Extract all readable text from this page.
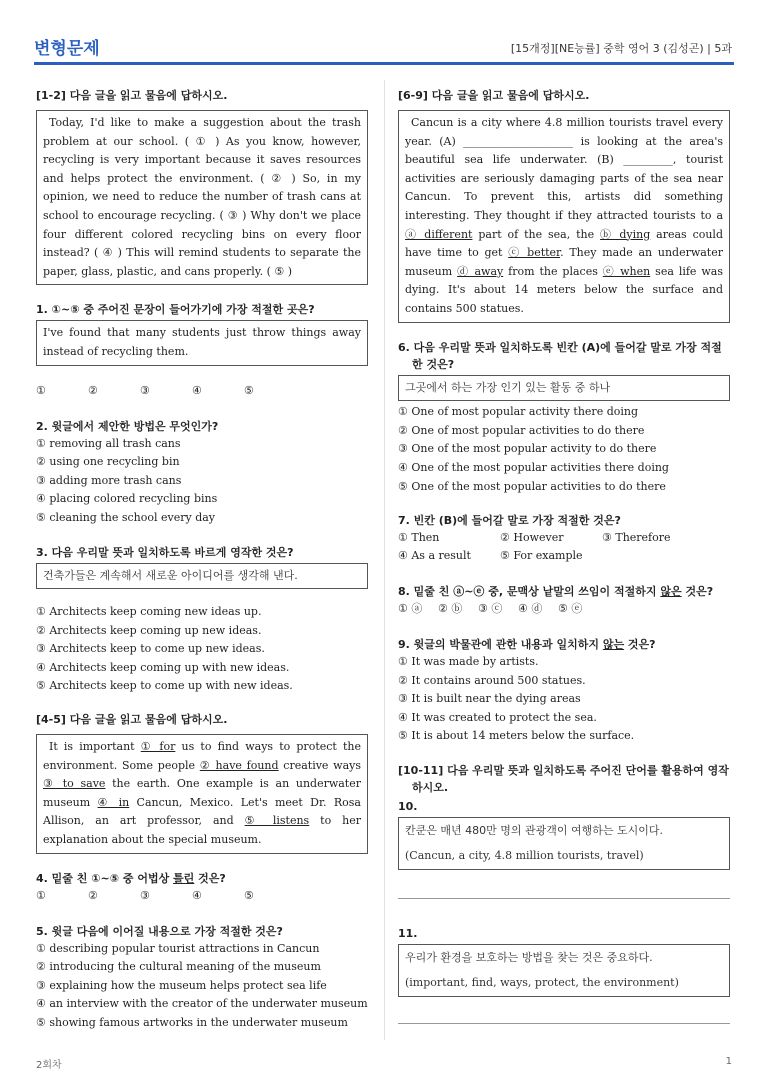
변형문제	[15개정][NE능률] 중학 영어 3 (김성곤) | 5과
[1-2] 다음 글을 읽고 물음에 답하시오.
Today, I'd like to make a suggestion about the trash problem at our school. ( ① ) As you know, however, recycling is very important because it saves resources and helps protect the environment. ( ② ) So, in my opinion, we need to reduce the number of trash cans at school to encourage recycling. ( ③ ) Why don't we place four different colored recycling bins on every floor instead? ( ④ ) This will remind students to separate the paper, glass, plastic, and cans properly. ( ⑤ )
1. ①~⑤ 중 주어진 문장이 들어가기에 가장 적절한 곳은?
I've found that many students just throw things away instead of recycling them.
①	②	③	④	⑤
2. 윗글에서 제안한 방법은 무엇인가?
① removing all trash cans
② using one recycling bin
③ adding more trash cans
④ placing colored recycling bins
⑤ cleaning the school every day
3. 다음 우리말 뜻과 일치하도록 바르게 영작한 것은?
건축가들은 계속해서 새로운 아이디어를 생각해 낸다.
① Architects keep coming new ideas up.
② Architects keep coming up new ideas.
③ Architects keep to come up new ideas.
④ Architects keep coming up with new ideas.
⑤ Architects keep to come up with new ideas.
[4-5] 다음 글을 읽고 물음에 답하시오.
It is important ① for us to find ways to protect the environment. Some people ② have found creative ways ③ to save the earth. One example is an underwater museum ④ in Cancun, Mexico. Let's meet Dr. Rosa Allison, an art professor, and ⑤ listens to her explanation about the special museum.
4. 밑줄 친 ①~⑤ 중 어법상 틀린 것은?
①	②	③	④	⑤
5. 윗글 다음에 이어질 내용으로 가장 적절한 것은?
① describing popular tourist attractions in Cancun
② introducing the cultural meaning of the museum
③ explaining how the museum helps protect sea life
④ an interview with the creator of the underwater museum
⑤ showing famous artworks in the underwater museum
[6-9] 다음 글을 읽고 물음에 답하시오.
Cancun is a city where 4.8 million tourists travel every year. (A) ____________________ is looking at the area's beautiful sea life underwater. (B) _________, tourist activities are seriously damaging parts of the sea near Cancun. To prevent this, artists did something interesting. They thought if they attracted tourists to a ⓐ different part of the sea, the ⓑ dying areas could have time to get ⓒ better. They made an underwater museum ⓓ away from the places ⓔ when sea life was dying. It's about 14 meters below the surface and contains 500 statues.
6. 다음 우리말 뜻과 일치하도록 빈칸 (A)에 들어갈 말로 가장 적절
한 것은?
그곳에서 하는 가장 인기 있는 활동 중 하나
① One of most popular activity there doing
② One of most popular activities to do there
③ One of the most popular activity to do there
④ One of the most popular activities there doing
⑤ One of the most popular activities to do there
7. 빈칸 (B)에 들어갈 말로 가장 적절한 것은?
① Then	② However	③ Therefore
④ As a result	⑤ For example
8. 밑줄 친 ⓐ~ⓔ 중, 문맥상 낱말의 쓰임이 적절하지 않은 것은?
① ⓐ	② ⓑ	③ ⓒ	④ ⓓ	⑤ ⓔ
9. 윗글의 박물관에 관한 내용과 일치하지 않는 것은?
① It was made by artists.
② It contains around 500 statues.
③ It is built near the dying areas
④ It was created to protect the sea.
⑤ It is about 14 meters below the surface.
[10-11] 다음 우리말 뜻과 일치하도록 주어진 단어를 활용하여 영작
하시오.
10.
칸쿤은 매년 480만 명의 관광객이 여행하는 도시이다.
(Cancun, a city, 4.8 million tourists, travel)
11.
우리가 환경을 보호하는 방법을 찾는 것은 중요하다.
(important, find, ways, protect, the environment)
2회차	1
